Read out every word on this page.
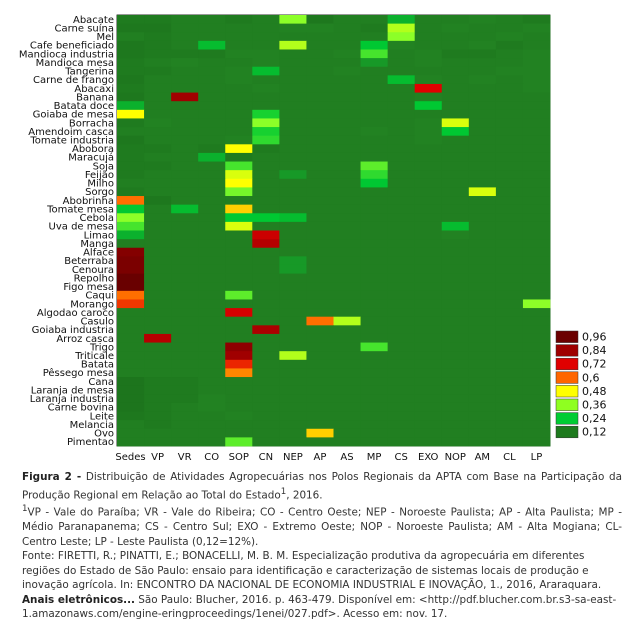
Abacate
Carne suína
Mel
Cafe beneficiado
Mandioca industria
Mandioca mesa
Tangerina
Carne de frango
Abacaxi
Banana
Batata doce
Goiaba de mesa
Borracha
Amendoim casca
Tomate industria
Abobora
Maracujá
Soja
Feijão
Milho
Sorgo
Abobrinha
Tomate mesa
Cebola
Uva de mesa
Limao
Manga
Alface
Beterraba
Cenoura
Repolho
Figo mesa
Caqui
Morango
Algodao caroco
Casulo
Goiaba industria
Arroz casca
Trigo
Triticale
Batata
Pêssego mesa
Cana
Laranja de mesa
Laranja industria
Carne bovina
Leite
Melancia
Ovo
Pimentao
Sedes VP VR CO SOP CN NEP AP AS MP CS EXO NOP AM CL LP
0,96
0,84
0,72
0,6
0,48
0,36
0,24
0,12
Figura 2 - Distribuição de Atividades Agropecuárias nos Polos Regionais da APTA com Base na Participação da Produção Regional em Relação ao Total do Estado$^1$, 2016.
$^1$VP - Vale do Paraíba; VR - Vale do Ribeira; CO - Centro Oeste; NEP - Noroeste Paulista; AP - Alta Paulista; MP - Médio Paranapanema; CS - Centro Sul; EXO - Extremo Oeste; NOP - Noroeste Paulista; AM - Alta Mogiana; CL- Centro Leste; LP - Leste Paulista (0,12=12%).
Fonte: FIRETTI, R.; PINATTI, E.; BONACELLI, M. B. M. Especialização produtiva da agropecuária em diferentes regiões do Estado de São Paulo: ensaio para identificação e caracterização de sistemas locais de produção e inovação agrícola. In: ENCONTRO DA NACIONAL DE ECONOMIA INDUSTRIAL E INOVAÇÃO, 1., 2016, Araraquara. Anais eletrônicos... São Paulo: Blucher, 2016. p. 463-479. Disponível em: <http://pdf.blucher.com.br.s3-sa-east-1.amazonaws.com/engine-eringproceedings/1enei/027.pdf>. Acesso em: nov. 17.
